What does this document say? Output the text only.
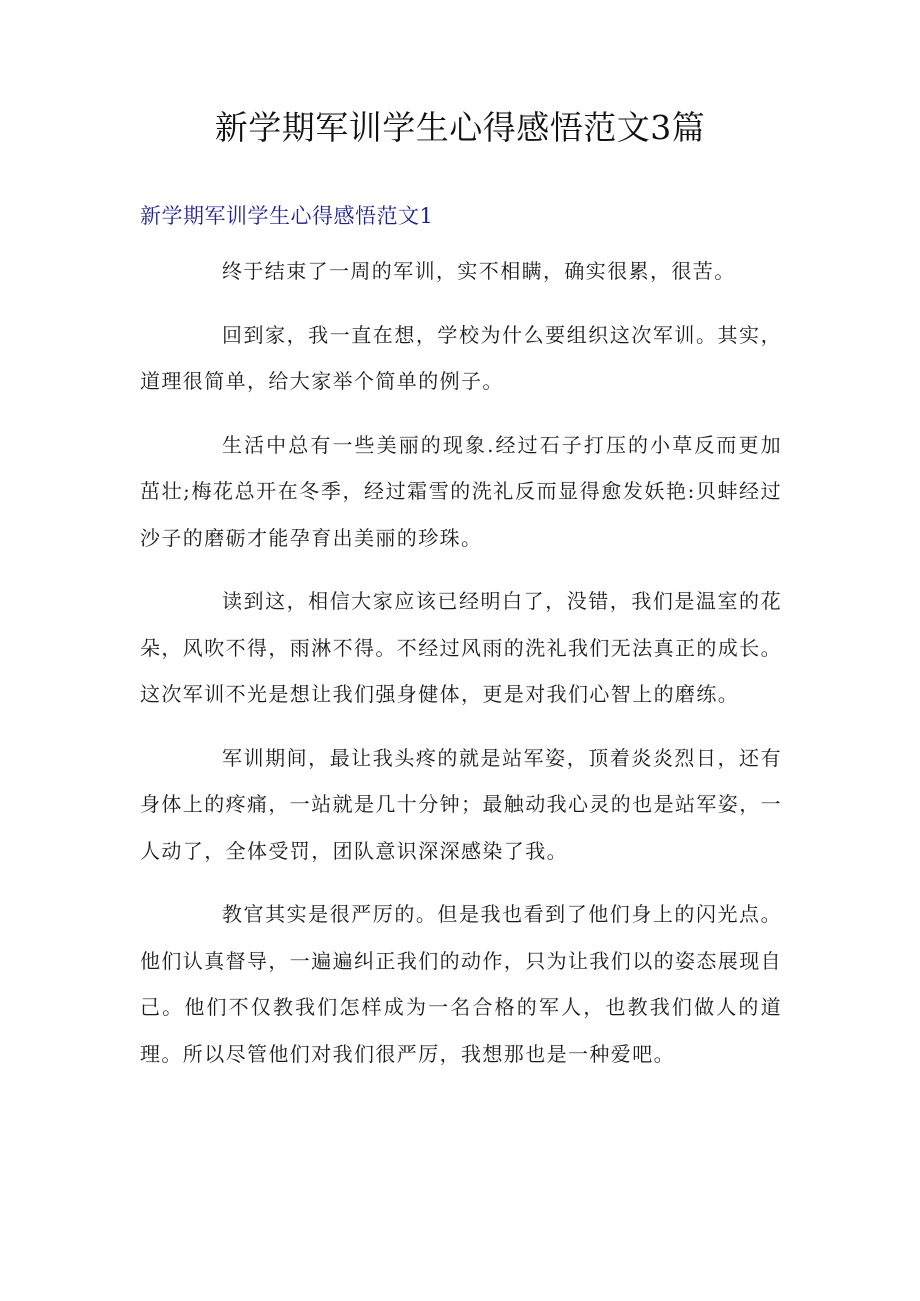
新学期军训学生心得感悟范文3篇
新学期军训学生心得感悟范文1

终于结束了一周的军训，实不相瞒，确实很累，很苦。

回到家，我一直在想，学校为什么要组织这次军训。其实，道理很简单，给大家举个简单的例子。

生活中总有一些美丽的现象.经过石子打压的小草反而更加茁壮;梅花总开在冬季，经过霜雪的洗礼反而显得愈发妖艳:贝蚌经过沙子的磨砺才能孕育出美丽的珍珠。

读到这，相信大家应该已经明白了，没错，我们是温室的花朵，风吹不得，雨淋不得。不经过风雨的洗礼我们无法真正的成长。这次军训不光是想让我们强身健体，更是对我们心智上的磨练。

军训期间，最让我头疼的就是站军姿，顶着炎炎烈日，还有身体上的疼痛，一站就是几十分钟；最触动我心灵的也是站军姿，一人动了，全体受罚，团队意识深深感染了我。

教官其实是很严厉的。但是我也看到了他们身上的闪光点。他们认真督导，一遍遍纠正我们的动作，只为让我们以的姿态展现自己。他们不仅教我们怎样成为一名合格的军人，也教我们做人的道理。所以尽管他们对我们很严厉，我想那也是一种爱吧。
